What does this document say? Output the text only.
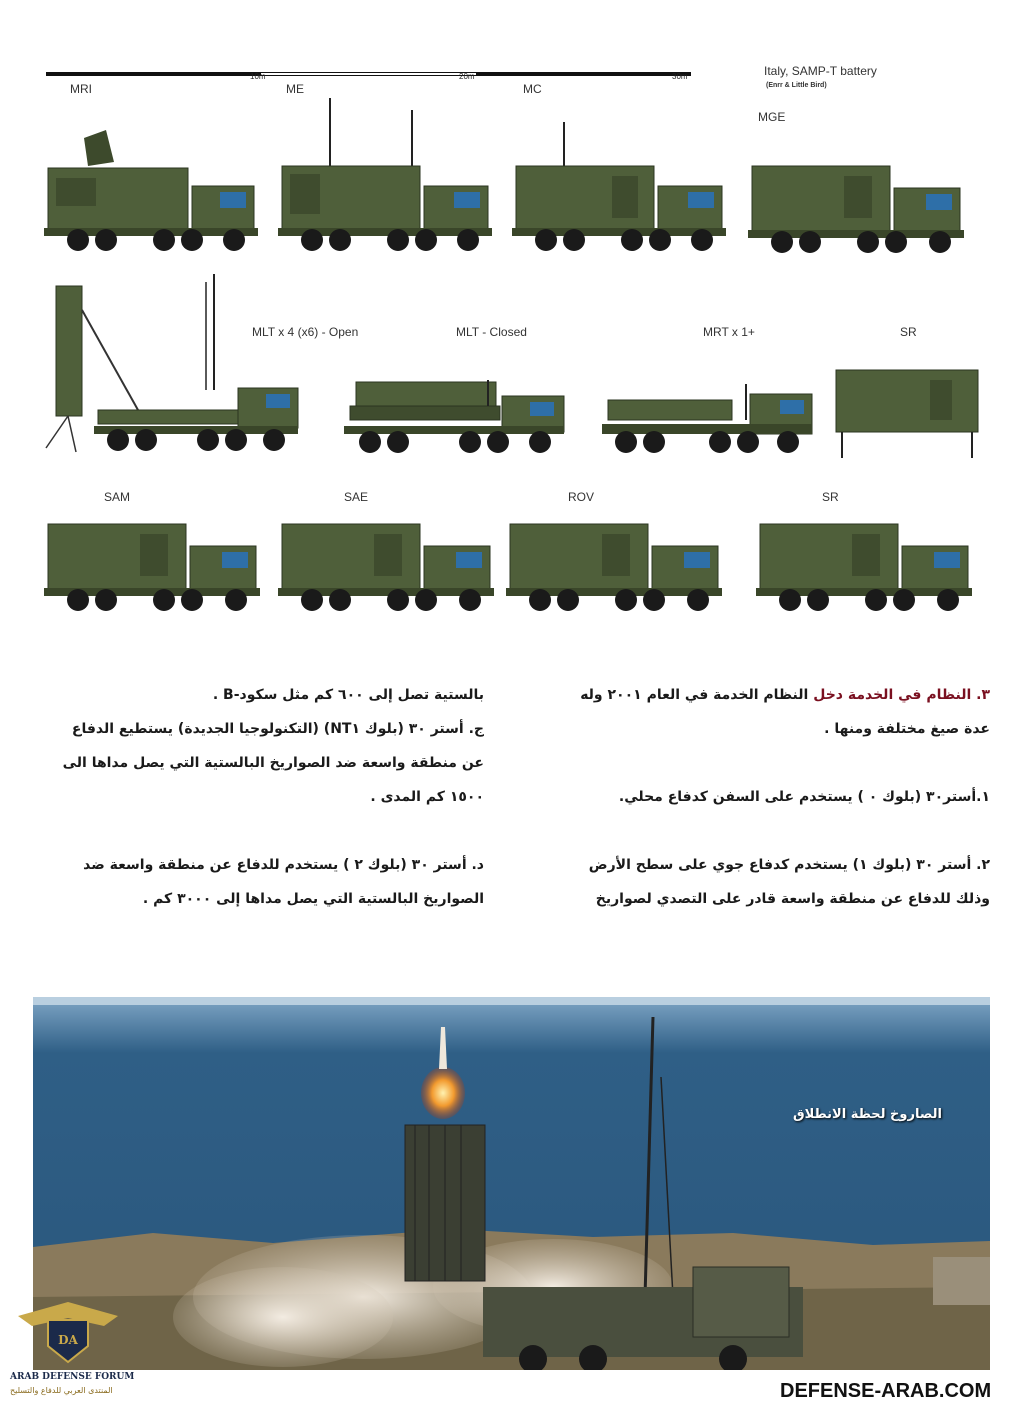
10m	20m	30m	Italy, SAMP-T battery
(Enrr & Little Bird)
MRI	ME	MC
MGE
MLT x 4 (x6) - Open	MLT - Closed	MRT x 1+	SR
SAM	SAE	ROV	SR
٣. النظام في الخدمة دخل النظام الخدمة في العام ٢٠٠١ وله
عدة صيغ مختلفة ومنها .
١.أستر٣٠ (بلوك ٠ ) يستخدم على السفن كدفاع محلي.
٢. أستر ٣٠ (بلوك ١) يستخدم كدفاع جوي على سطح الأرض
وذلك للدفاع عن منطقة واسعة قادر على التصدي لصواريخ
بالستية تصل إلى ٦٠٠ كم مثل سكود-B .
ج. أستر ٣٠ (بلوك NT١) (التكنولوجيا الجديدة) يستطيع الدفاع
عن منطقة واسعة ضد الصواريخ البالستية التي يصل مداها الى
١٥٠٠ كم المدى .
د. أستر ٣٠ (بلوك ٢ ) يستخدم للدفاع عن منطقة واسعة ضد
الصواريخ البالستية التي يصل مداها إلى ٣٠٠٠ كم .
الصاروخ لحظة الانطلاق
DA
ARAB DEFENSE FORUM
المنتدى العربي للدفاع والتسليح	DEFENSE-ARAB.COM
